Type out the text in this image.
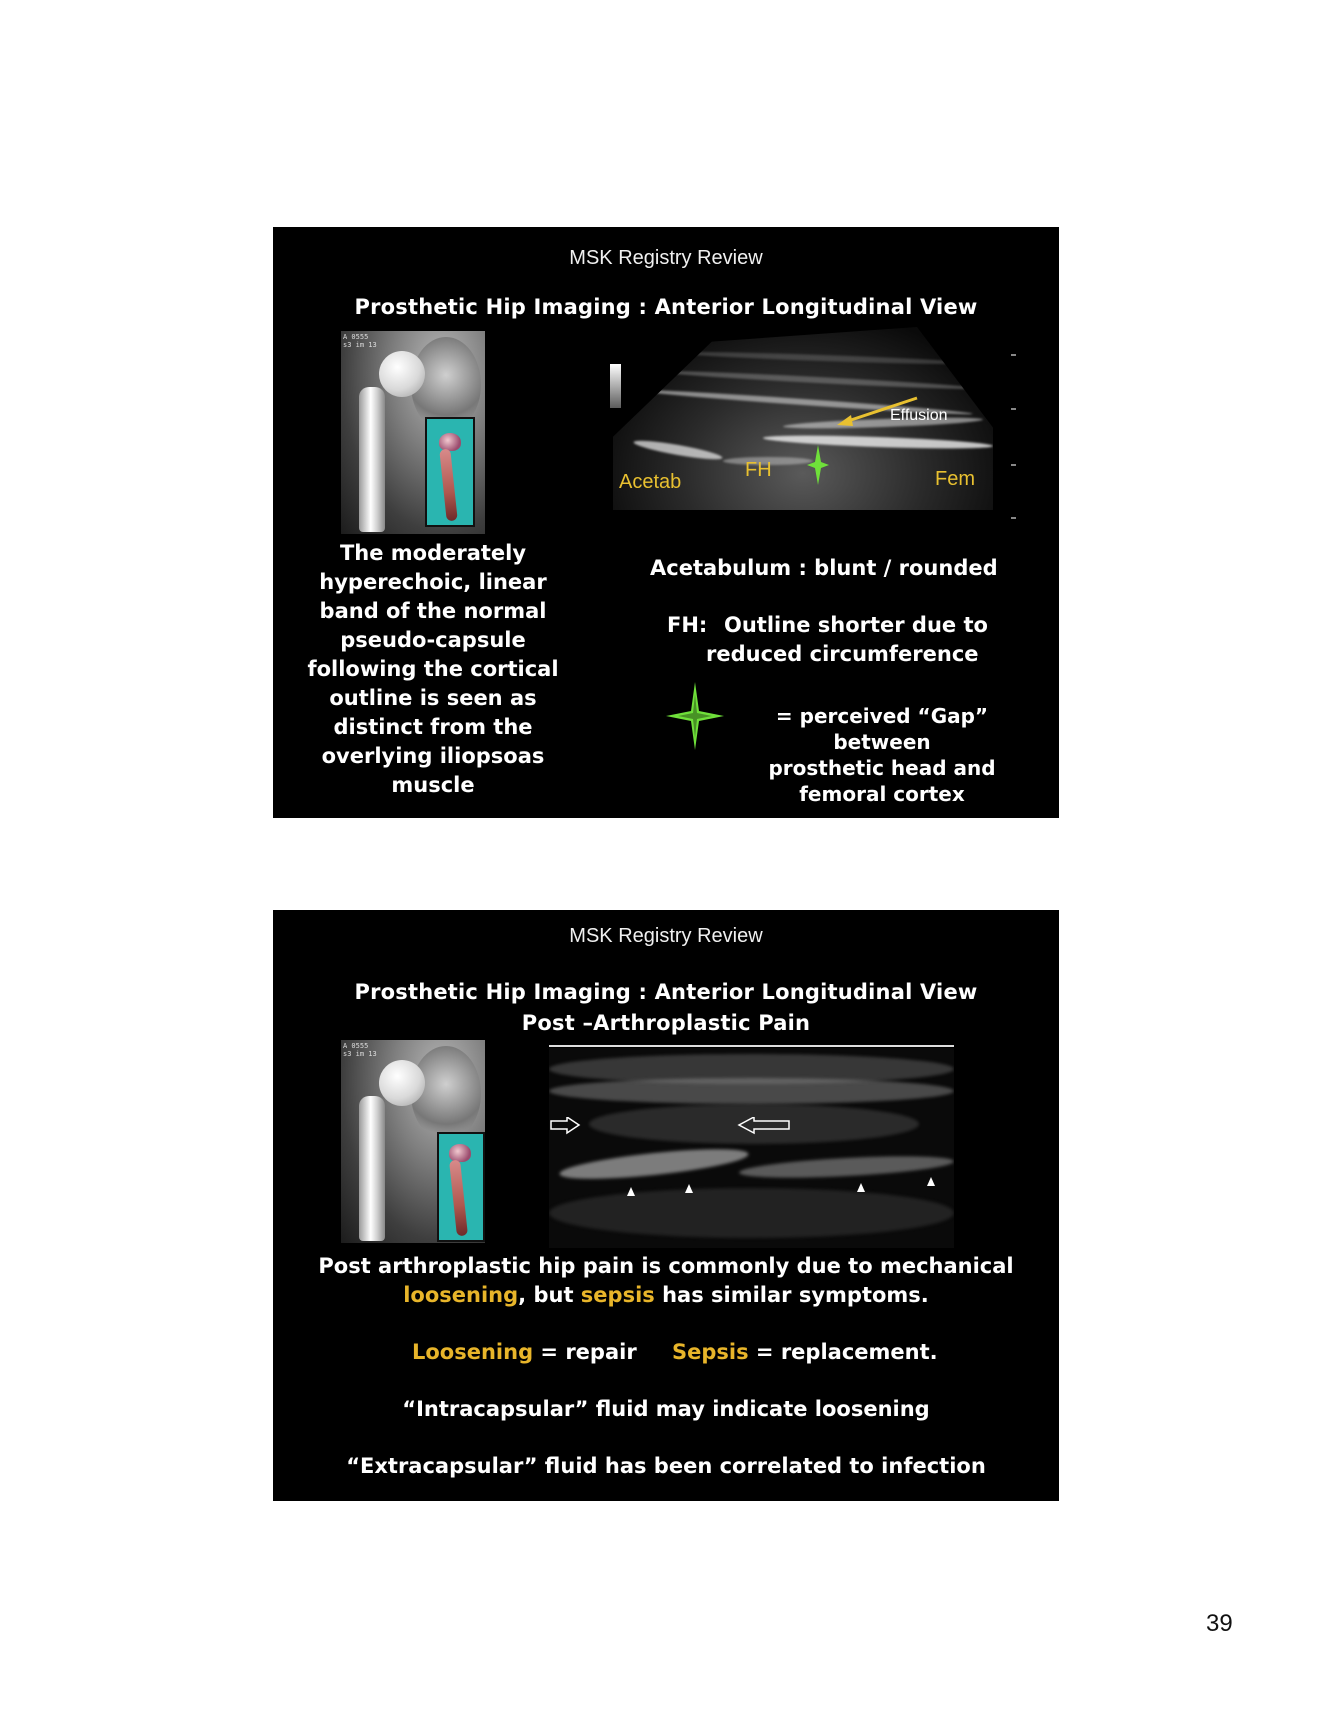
MSK Registry Review
Prosthetic Hip Imaging : Anterior Longitudinal View
A 0555
s3 im 13
Effusion
Acetab
FH	Fem
The moderately
hyperechoic, linear
band of the normal
pseudo-capsule
following the cortical
outline is seen as
distinct from the
overlying iliopsoas
muscle
Acetabulum : blunt / rounded
FH: Outline shorter due to
reduced circumference
= perceived “Gap” between
prosthetic head and
femoral cortex
MSK Registry Review
Prosthetic Hip Imaging : Anterior Longitudinal View
Post –Arthroplastic Pain
A 0555
s3 im 13
Post arthroplastic hip pain is commonly due to mechanical
loosening, but sepsis has similar symptoms.
Loosening = repair Sepsis = replacement.
“Intracapsular” fluid may indicate loosening
“Extracapsular” fluid has been correlated to infection
39
